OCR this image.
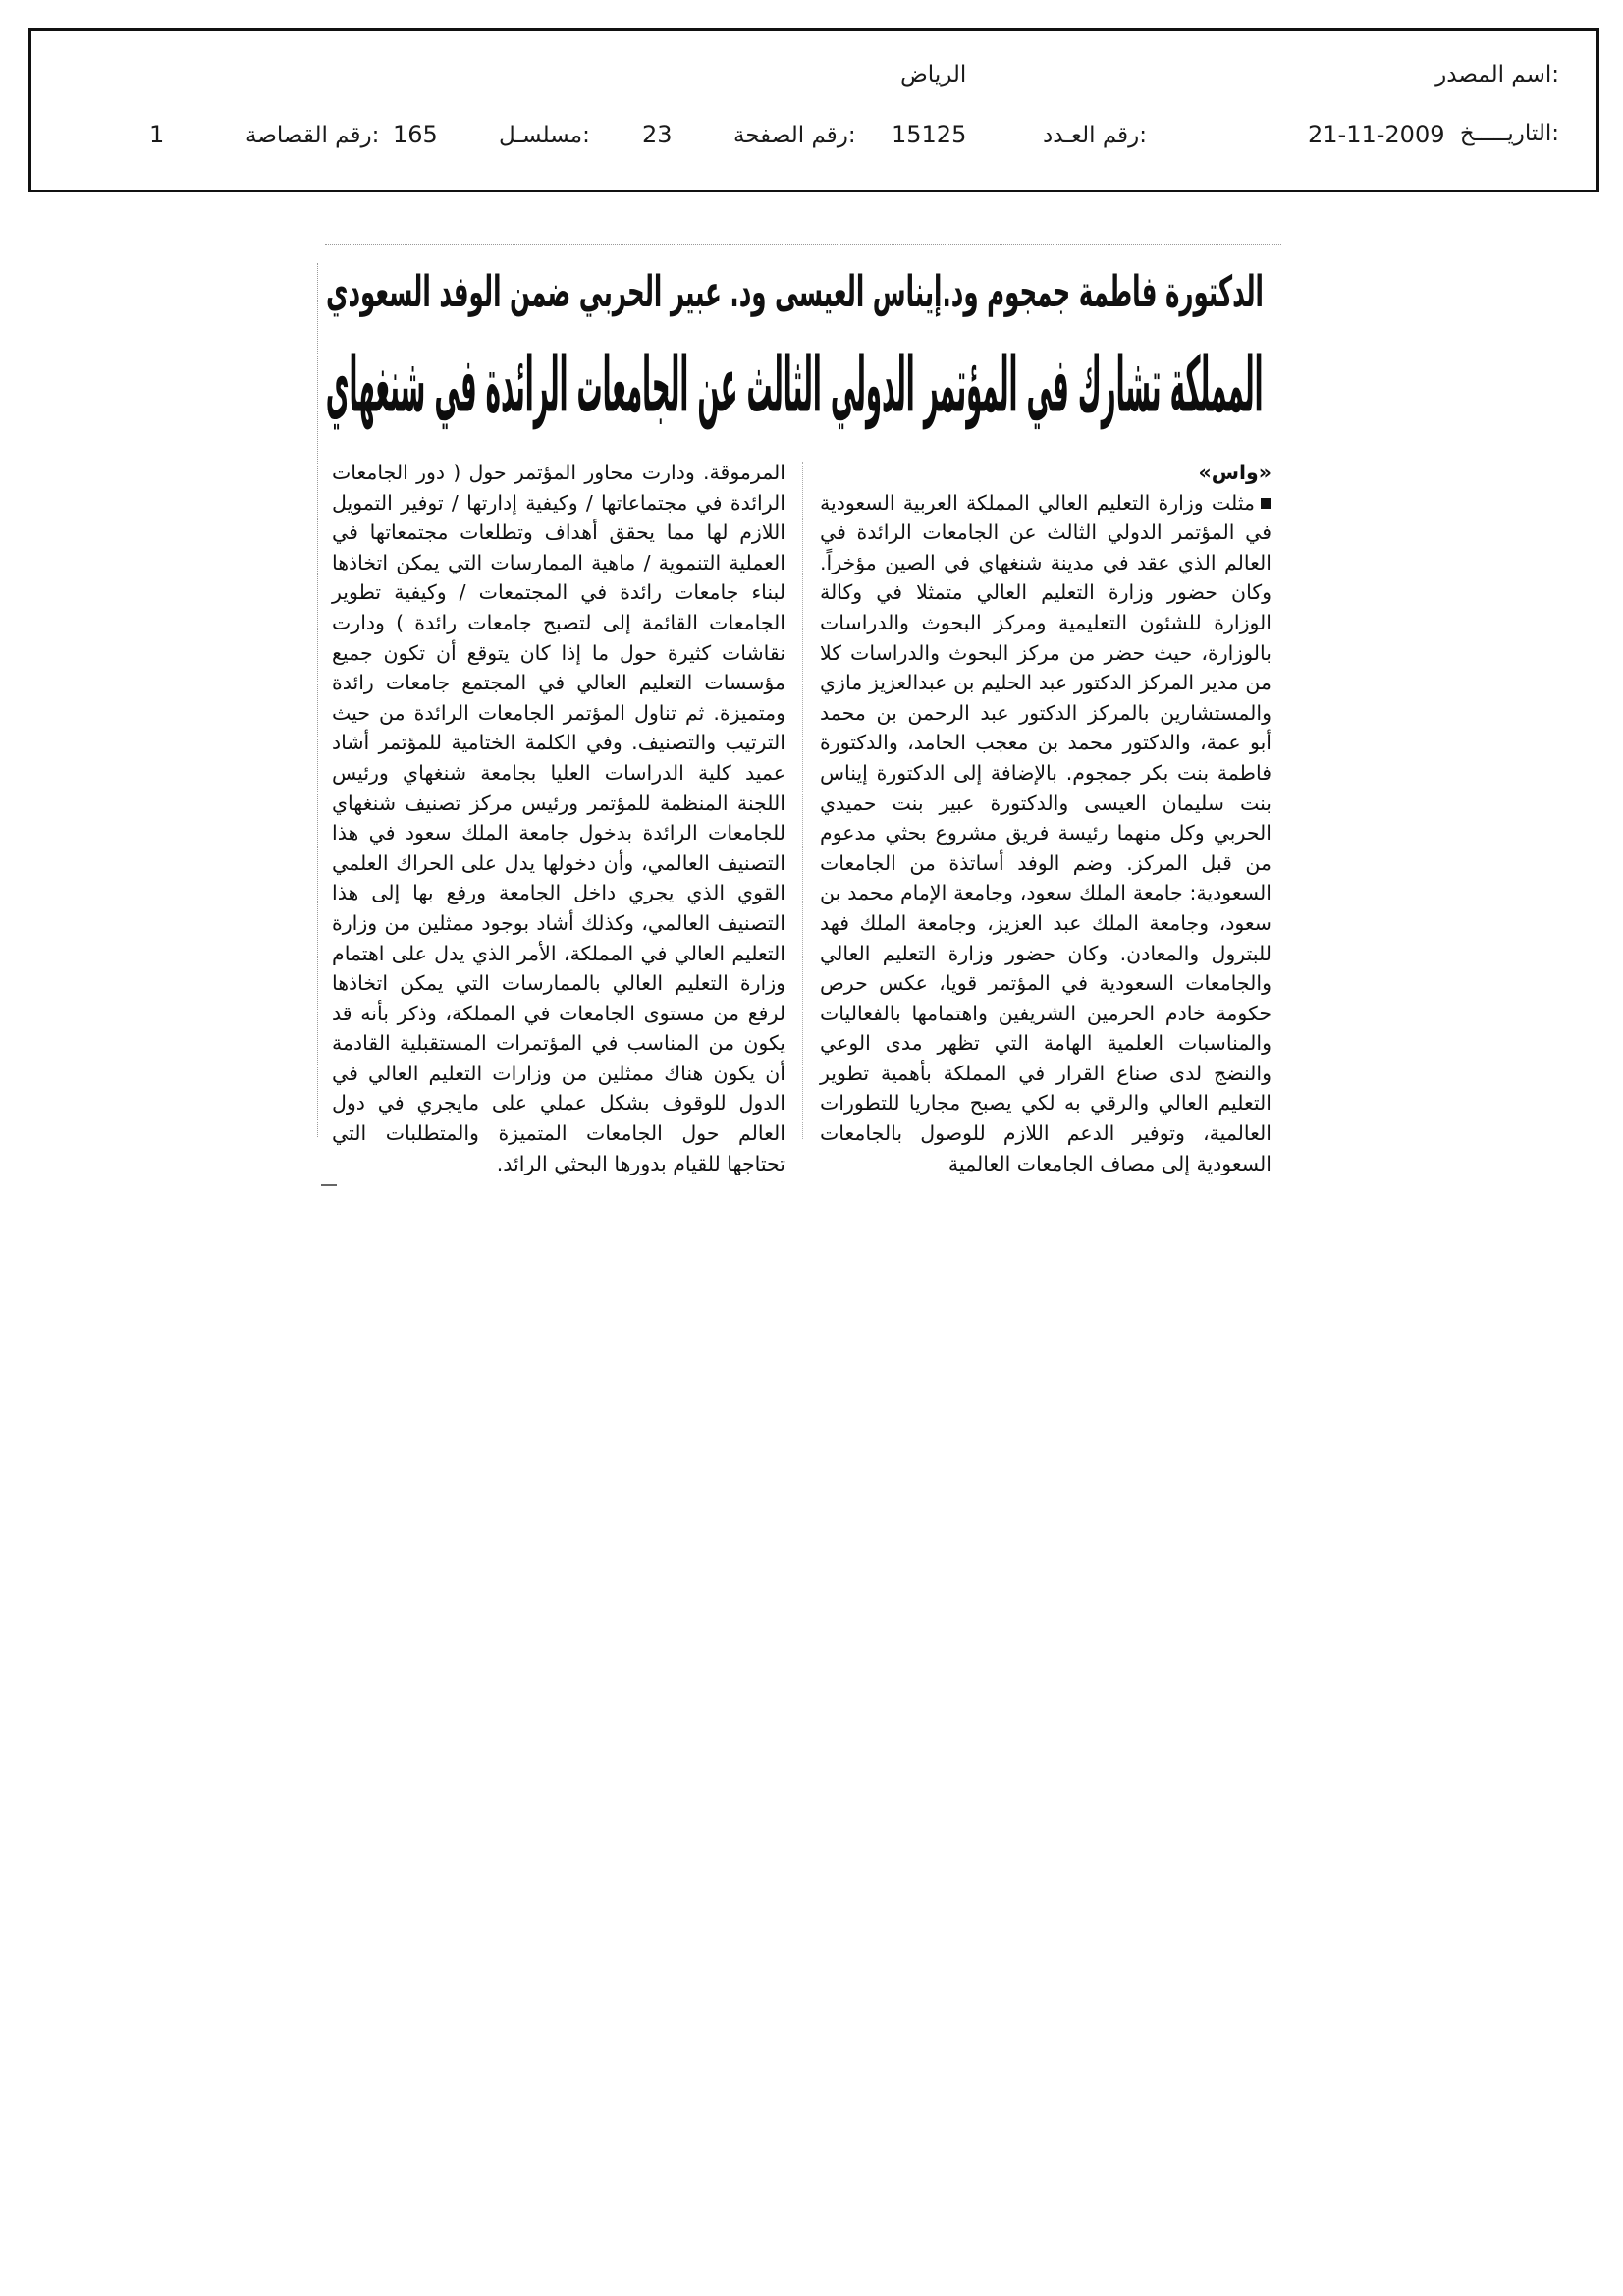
اسم المصدر:
الرياض
التاريـــــخ:
21-11-2009
رقم العـدد:
15125
رقم الصفحة:
23
مسلسـل:
165
رقم القصاصة:
1
الدكتورة فاطمة جمجوم ود.إيناس العيسى ود. عبير الحربي ضمن الوفد السعودي
المملكة تشارك في المؤتمر الدولي الثالث عن الجامعات الرائدة في شنغهاي
«واس»
مثلت وزارة التعليم العالي المملكة العربية السعودية في المؤتمر الدولي الثالث عن الجامعات الرائدة في العالم الذي عقد في مدينة شنغهاي في الصين مؤخراً. وكان حضور وزارة التعليم العالي متمثلا في وكالة الوزارة للشئون التعليمية ومركز البحوث والدراسات بالوزارة، حيث حضر من مركز البحوث والدراسات كلا من مدير المركز الدكتور عبد الحليم بن عبدالعزيز مازي والمستشارين بالمركز الدكتور عبد الرحمن بن محمد أبو عمة، والدكتور محمد بن معجب الحامد، والدكتورة فاطمة بنت بكر جمجوم. بالإضافة إلى الدكتورة إيناس بنت سليمان العيسى والدكتورة عبير بنت حميدي الحربي وكل منهما رئيسة فريق مشروع بحثي مدعوم من قبل المركز. وضم الوفد أساتذة من الجامعات السعودية: جامعة الملك سعود، وجامعة الإمام محمد بن سعود، وجامعة الملك عبد العزيز، وجامعة الملك فهد للبترول والمعادن. وكان حضور وزارة التعليم العالي والجامعات السعودية في المؤتمر قويا، عكس حرص حكومة خادم الحرمين الشريفين واهتمامها بالفعاليات والمناسبات العلمية الهامة التي تظهر مدى الوعي والنضج لدى صناع القرار في المملكة بأهمية تطوير التعليم العالي والرقي به لكي يصبح مجاريا للتطورات العالمية، وتوفير الدعم اللازم للوصول بالجامعات السعودية إلى مصاف الجامعات العالمية
المرموقة. ودارت محاور المؤتمر حول ( دور الجامعات الرائدة في مجتماعاتها / وكيفية إدارتها / توفير التمويل اللازم لها مما يحقق أهداف وتطلعات مجتمعاتها في العملية التنموية / ماهية الممارسات التي يمكن اتخاذها لبناء جامعات رائدة في المجتمعات / وكيفية تطوير الجامعات القائمة إلى لتصبح جامعات رائدة ) ودارت نقاشات كثيرة حول ما إذا كان يتوقع أن تكون جميع مؤسسات التعليم العالي في المجتمع جامعات رائدة ومتميزة. ثم تناول المؤتمر الجامعات الرائدة من حيث الترتيب والتصنيف. وفي الكلمة الختامية للمؤتمر أشاد عميد كلية الدراسات العليا بجامعة شنغهاي ورئيس اللجنة المنظمة للمؤتمر ورئيس مركز تصنيف شنغهاي للجامعات الرائدة بدخول جامعة الملك سعود في هذا التصنيف العالمي، وأن دخولها يدل على الحراك العلمي القوي الذي يجري داخل الجامعة ورفع بها إلى هذا التصنيف العالمي، وكذلك أشاد بوجود ممثلين من وزارة التعليم العالي في المملكة، الأمر الذي يدل على اهتمام وزارة التعليم العالي بالممارسات التي يمكن اتخاذها لرفع من مستوى الجامعات في المملكة، وذكر بأنه قد يكون من المناسب في المؤتمرات المستقبلية القادمة أن يكون هناك ممثلين من وزارات التعليم العالي في الدول للوقوف بشكل عملي على مايجري في دول العالم حول الجامعات المتميزة والمتطلبات التي تحتاجها للقيام بدورها البحثي الرائد.
